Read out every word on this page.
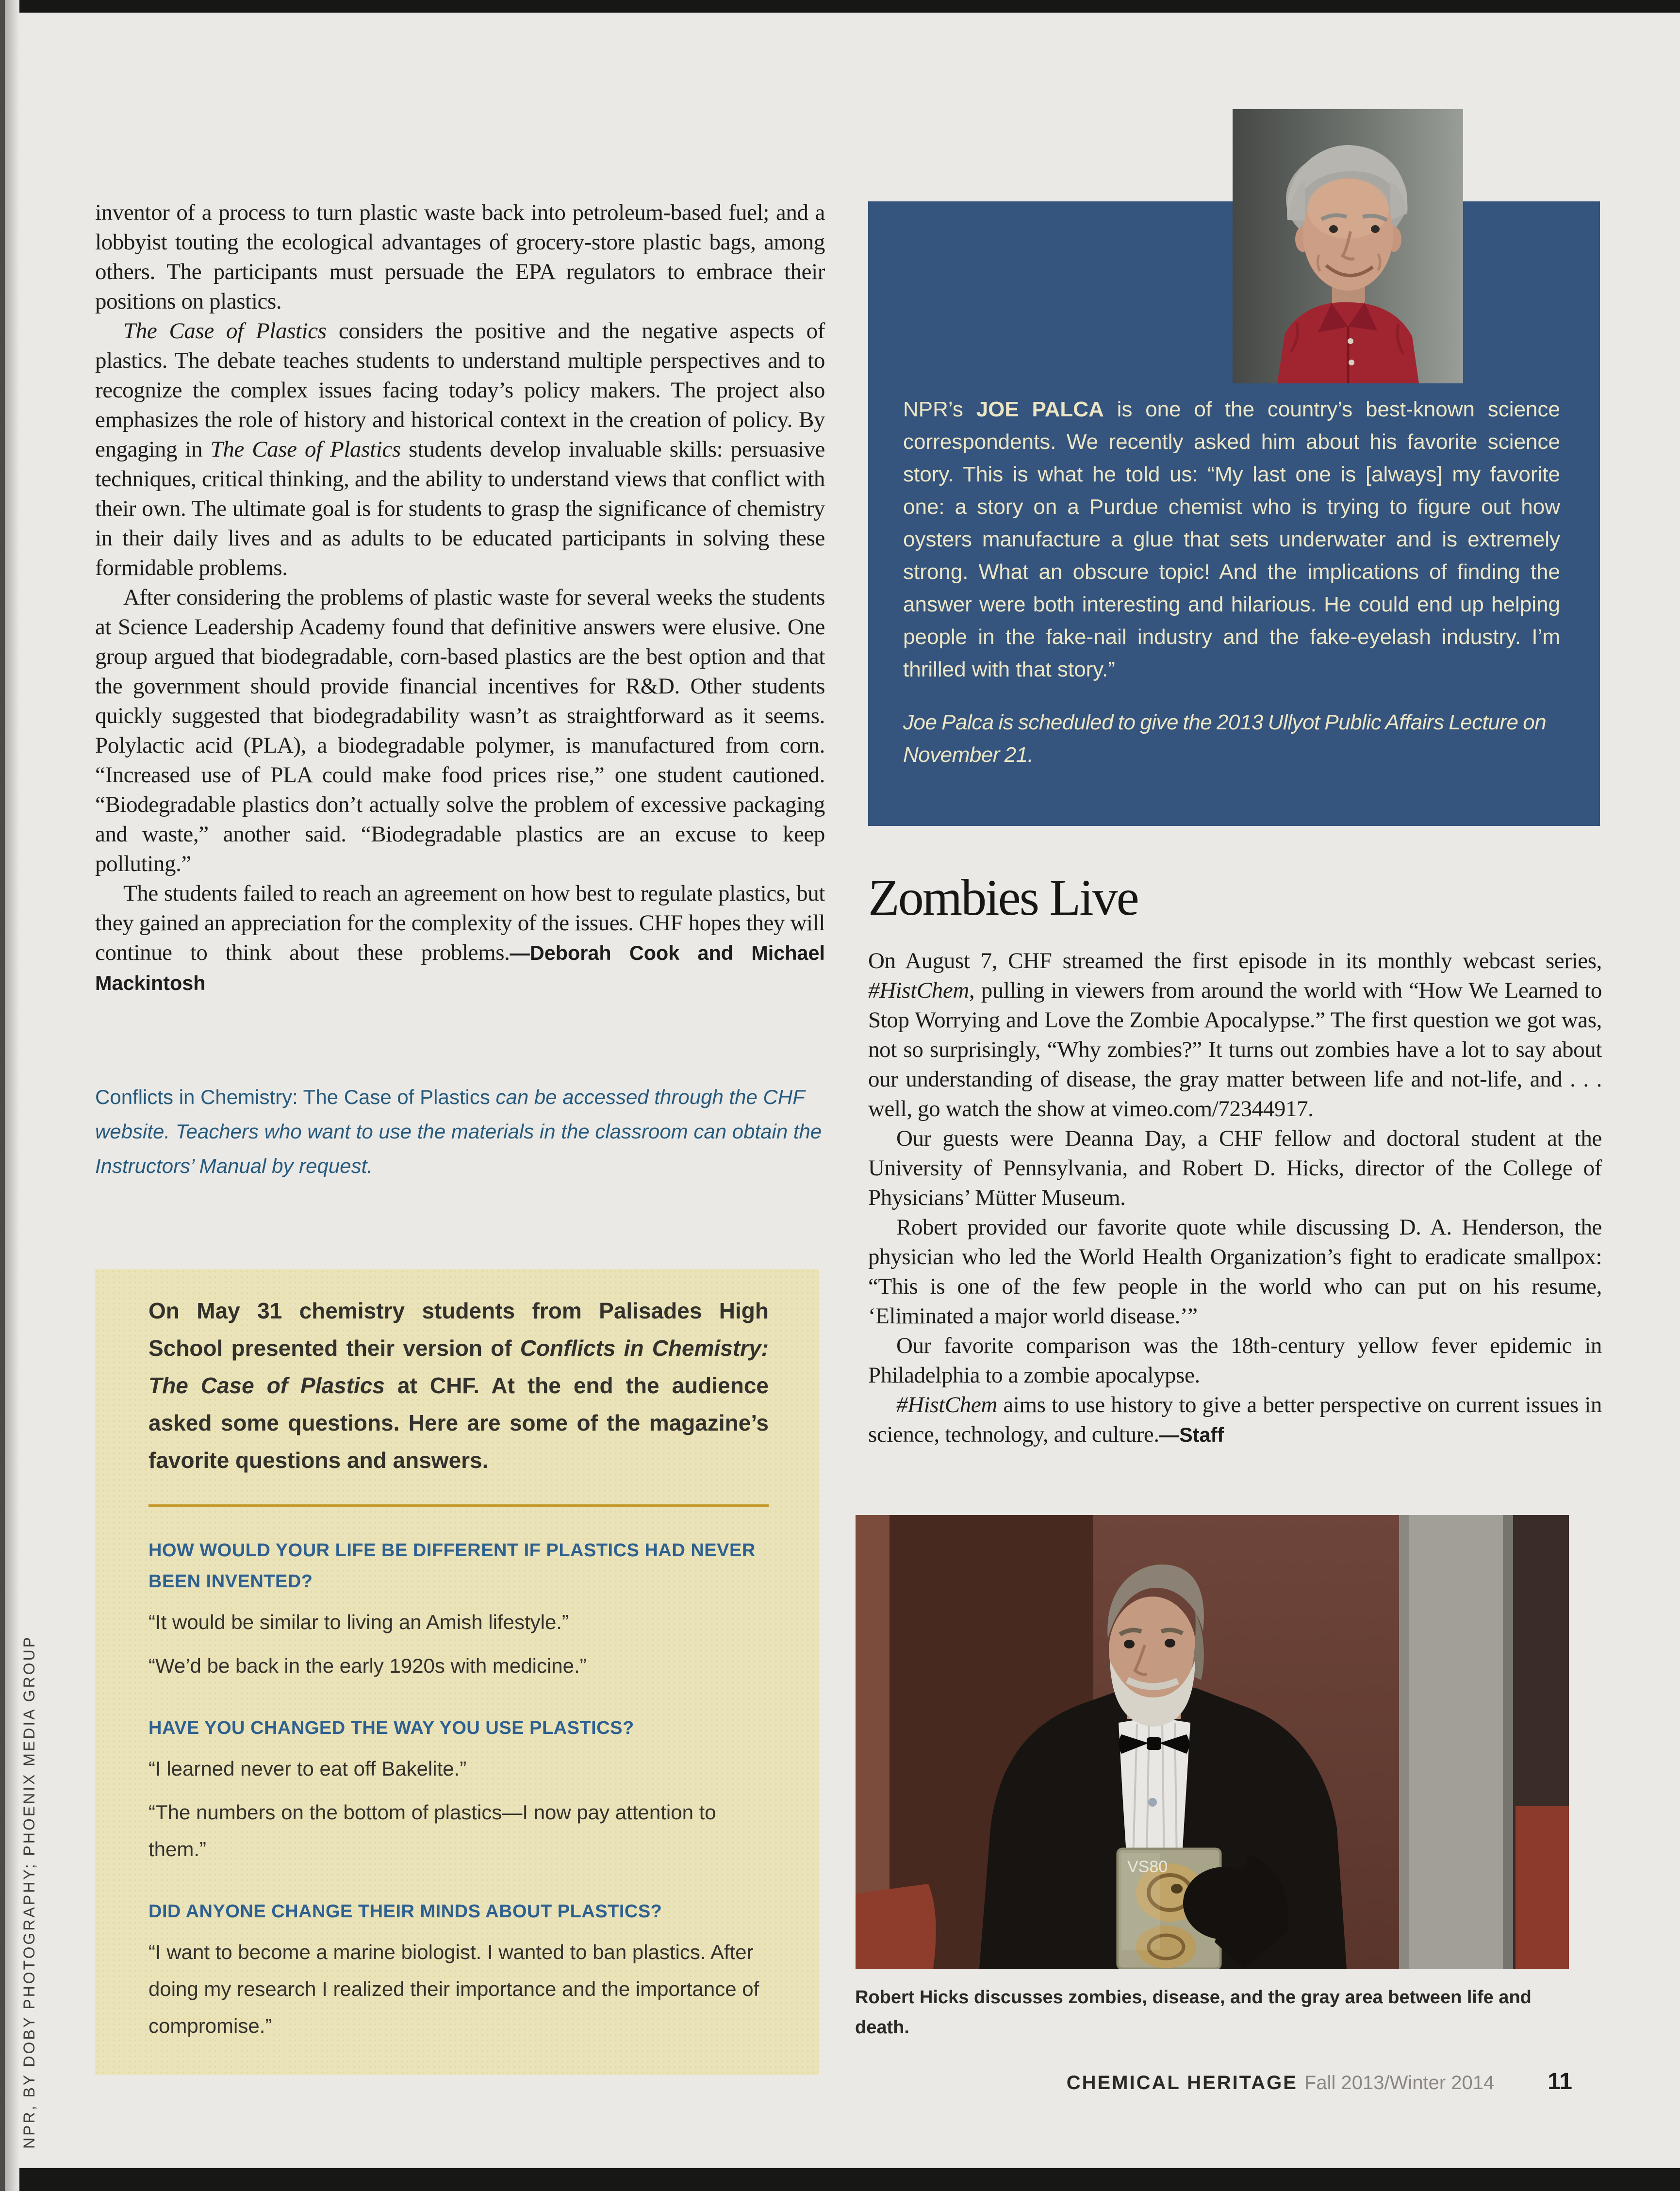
inventor of a process to turn plastic waste back into petroleum-based fuel; and a lobbyist touting the ecological advantages of grocery-store plastic bags, among others. The participants must persuade the EPA regulators to embrace their positions on plastics.

The Case of Plastics considers the positive and the negative aspects of plastics. The debate teaches students to understand multiple perspectives and to recognize the complex issues facing today’s policy makers. The project also emphasizes the role of history and historical context in the creation of policy. By engaging in The Case of Plastics students develop invaluable skills: persuasive techniques, critical thinking, and the ability to understand views that conflict with their own. The ultimate goal is for students to grasp the significance of chemistry in their daily lives and as adults to be educated participants in solving these formidable problems.

After considering the problems of plastic waste for several weeks the students at Science Leadership Academy found that definitive answers were elusive. One group argued that biodegradable, corn-based plastics are the best option and that the government should provide financial incentives for R&D. Other students quickly suggested that biodegradability wasn’t as straightforward as it seems. Polylactic acid (PLA), a biodegradable polymer, is manufactured from corn. “Increased use of PLA could make food prices rise,” one student cautioned. “Biodegradable plastics don’t actually solve the problem of excessive packaging and waste,” another said. “Biodegradable plastics are an excuse to keep polluting.”

The students failed to reach an agreement on how best to regulate plastics, but they gained an appreciation for the complexity of the issues. CHF hopes they will continue to think about these problems.—Deborah Cook and Michael Mackintosh

Conflicts in Chemistry: The Case of Plastics can be accessed through the CHF website. Teachers who want to use the materials in the classroom can obtain the Instructors’ Manual by request.

NPR’s JOE PALCA is one of the country’s best-known science correspondents. We recently asked him about his favorite science story. This is what he told us: “My last one is [always] my favorite one: a story on a Purdue chemist who is trying to figure out how oysters manufacture a glue that sets underwater and is extremely strong. What an obscure topic! And the implications of finding the answer were both interesting and hilarious. He could end up helping people in the fake-nail industry and the fake-eyelash industry. I’m thrilled with that story.”

Joe Palca is scheduled to give the 2013 Ullyot Public Affairs Lecture on November 21.

Zombies Live

On August 7, CHF streamed the first episode in its monthly webcast series, #HistChem, pulling in viewers from around the world with “How We Learned to Stop Worrying and Love the Zombie Apocalypse.” The first question we got was, not so surprisingly, “Why zombies?” It turns out zombies have a lot to say about our understanding of disease, the gray matter between life and not-life, and . . . well, go watch the show at vimeo.com/72344917.

Our guests were Deanna Day, a CHF fellow and doctoral student at the University of Pennsylvania, and Robert D. Hicks, director of the College of Physicians’ Mütter Museum.

Robert provided our favorite quote while discussing D. A. Henderson, the physician who led the World Health Organization’s fight to eradicate smallpox: “This is one of the few people in the world who can put on his resume, ‘Eliminated a major world disease.’”

Our favorite comparison was the 18th-century yellow fever epidemic in Philadelphia to a zombie apocalypse.

#HistChem aims to use history to give a better perspective on current issues in science, technology, and culture.—Staff

On May 31 chemistry students from Palisades High School presented their version of Conflicts in Chemistry: The Case of Plastics at CHF. At the end the audience asked some questions. Here are some of the magazine’s favorite questions and answers.

HOW WOULD YOUR LIFE BE DIFFERENT IF PLASTICS HAD NEVER BEEN INVENTED?

“It would be similar to living an Amish lifestyle.”

“We’d be back in the early 1920s with medicine.”

HAVE YOU CHANGED THE WAY YOU USE PLASTICS?

“I learned never to eat off Bakelite.”

“The numbers on the bottom of plastics—I now pay attention to them.”

DID ANYONE CHANGE THEIR MINDS ABOUT PLASTICS?

“I want to become a marine biologist. I wanted to ban plastics. After doing my research I realized their importance and the importance of compromise.”

VS80
Robert Hicks discusses zombies, disease, and the gray area between life and death.
CHEMICAL HERITAGE Fall 2013/Winter 2014 11
NPR, BY DOBY PHOTOGRAPHY; PHOENIX MEDIA GROUP
